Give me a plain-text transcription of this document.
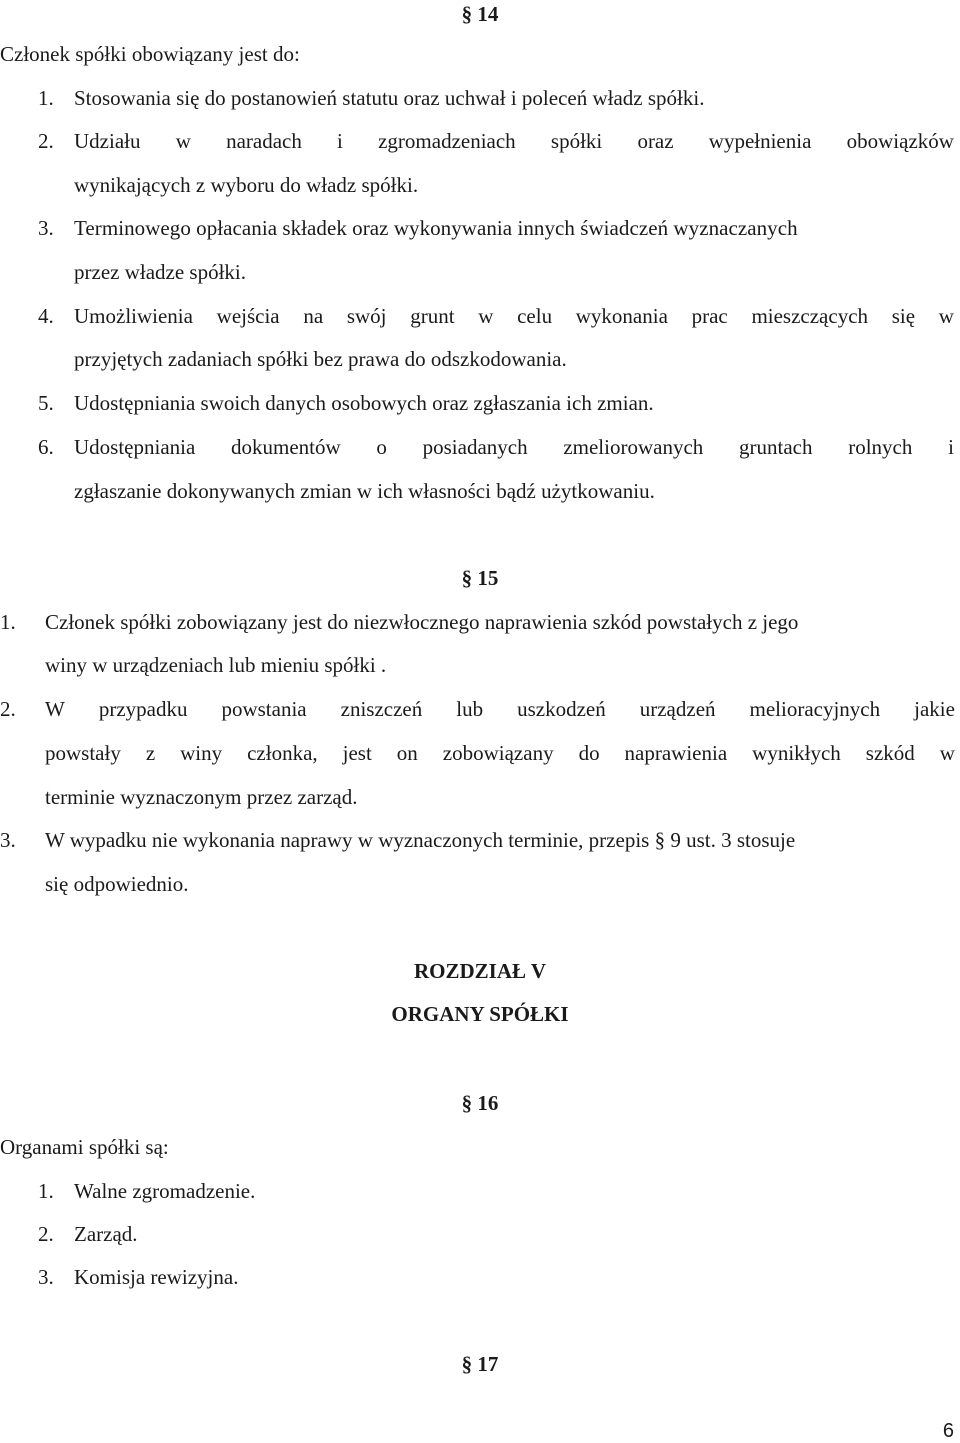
§ 14
Członek spółki obowiązany jest do:
1. Stosowania się do postanowień statutu oraz uchwał i poleceń władz spółki.
2. Udziału w naradach i zgromadzeniach spółki oraz wypełnienia obowiązków
wynikających z wyboru do władz spółki.
3. Terminowego opłacania składek oraz wykonywania innych świadczeń wyznaczanych
przez władze spółki.
4. Umożliwienia wejścia na swój grunt w celu wykonania prac mieszczących się w
przyjętych zadaniach spółki bez prawa do odszkodowania.
5. Udostępniania swoich danych osobowych oraz zgłaszania ich zmian.
6. Udostępniania dokumentów o posiadanych zmeliorowanych gruntach rolnych i
zgłaszanie dokonywanych zmian w ich własności bądź użytkowaniu.
§ 15
1. Członek spółki zobowiązany jest do niezwłocznego naprawienia szkód powstałych z jego
winy w urządzeniach lub mieniu spółki .
2. W przypadku powstania zniszczeń lub uszkodzeń urządzeń melioracyjnych jakie
powstały z winy członka, jest on zobowiązany do naprawienia wynikłych szkód w
terminie wyznaczonym przez zarząd.
3. W wypadku nie wykonania naprawy w wyznaczonych terminie, przepis § 9 ust. 3 stosuje
się odpowiednio.
ROZDZIAŁ V
ORGANY SPÓŁKI
§ 16
Organami spółki są:
1. Walne zgromadzenie.
2. Zarząd.
3. Komisja rewizyjna.
§ 17
6
